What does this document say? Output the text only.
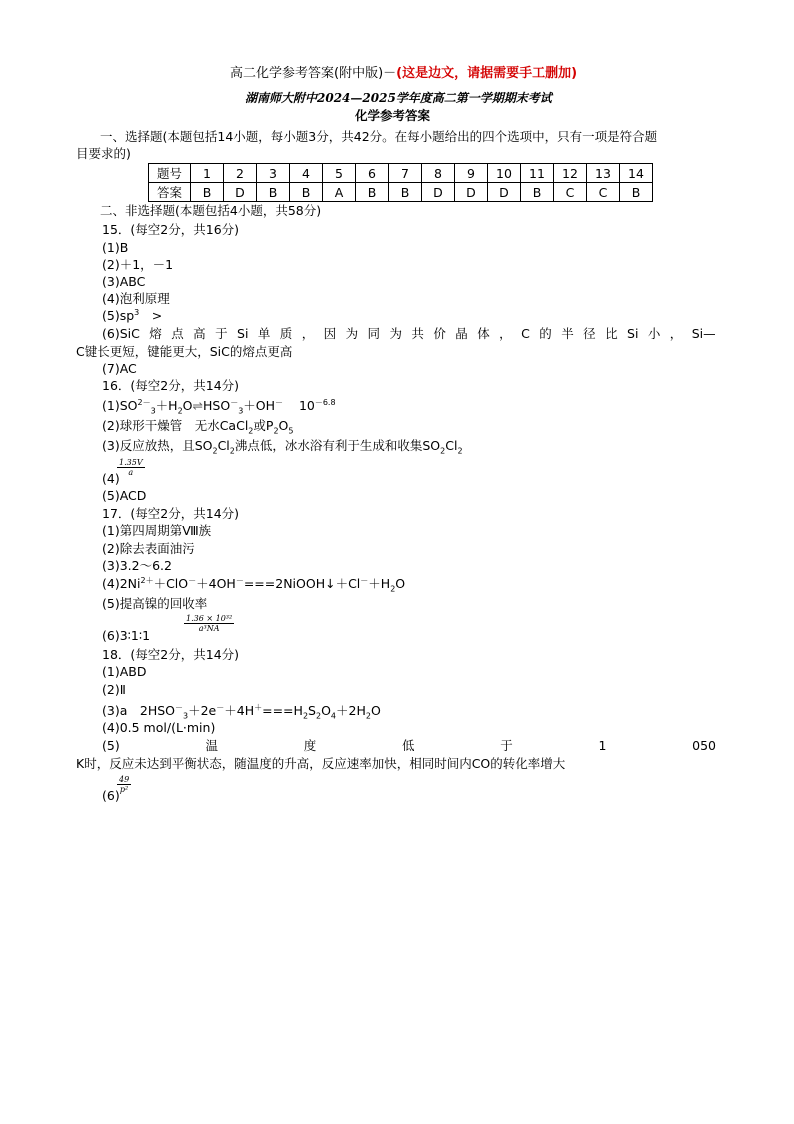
高二化学参考答案(附中版)－(这是边文，请据需要手工删加)
湖南师大附中2024—2025学年度高二第一学期期末考试
化学参考答案
一、选择题(本题包括14小题，每小题3分，共42分。在每小题给出的四个选项中，只有一项是符合题
目要求的)
题号	1	2	3	4	5	6	7	8	9	10	11	12	13	14
答案	B	D	B	B	A	B	B	D	D	D	B	C	C	B
二、非选择题(本题包括4小题，共58分)
15．(每空2分，共16分)
(1)B
(2)＋1，－1
(3)ABC
(4)泡利原理
$(5)sp^3$　>
(6)SiC 熔 点 高 于 Si 单 质 ， 因 为 同 为 共 价 晶 体 ， C 的 半 径 比 Si 小 ， Si—
C键长更短，键能更大，SiC的熔点更高
(7)AC
16．(每空2分，共14分)
$(1)SO^{2-}_3+H_2O\rightleftharpoons HSO^-_3+OH^-$ $10^{-6.8}$
(2)球形干燥管　无水CaCl$_2$或$P_2O_5$
(3)反应放热，且$SO_2Cl_2$沸点低，冰水浴有利于生成和收集$SO_2Cl_2$
(4)
$\frac{1.35V}{a}$
(5)ACD
17．(每空2分，共14分)
(1)第四周期第Ⅷ族
(2)除去表面油污
(3)3.2～6.2
$(4)2Ni^{2+}+ClO^-+4OH^-===2NiOOH↓+Cl^-+H_2O$
(5)提高镍的回收率
(6)3∶1∶1
$\frac{\text{1.36 × 10³²}}{\text{a³NA}}$
18．(每空2分，共14分)
(1)ABD
(2)Ⅱ
(3)a　$2HSO^-_3+2e^-+4H^+===H_2S_2O_4+2H_2O$
(4)0.5 mol/(L·min)
(5)	温	度	低	于	1	050
K时，反应未达到平衡状态，随温度的升高，反应速率加快，相同时间内CO的转化率增大
(6)
$\frac{49}{\text{p²}}$
